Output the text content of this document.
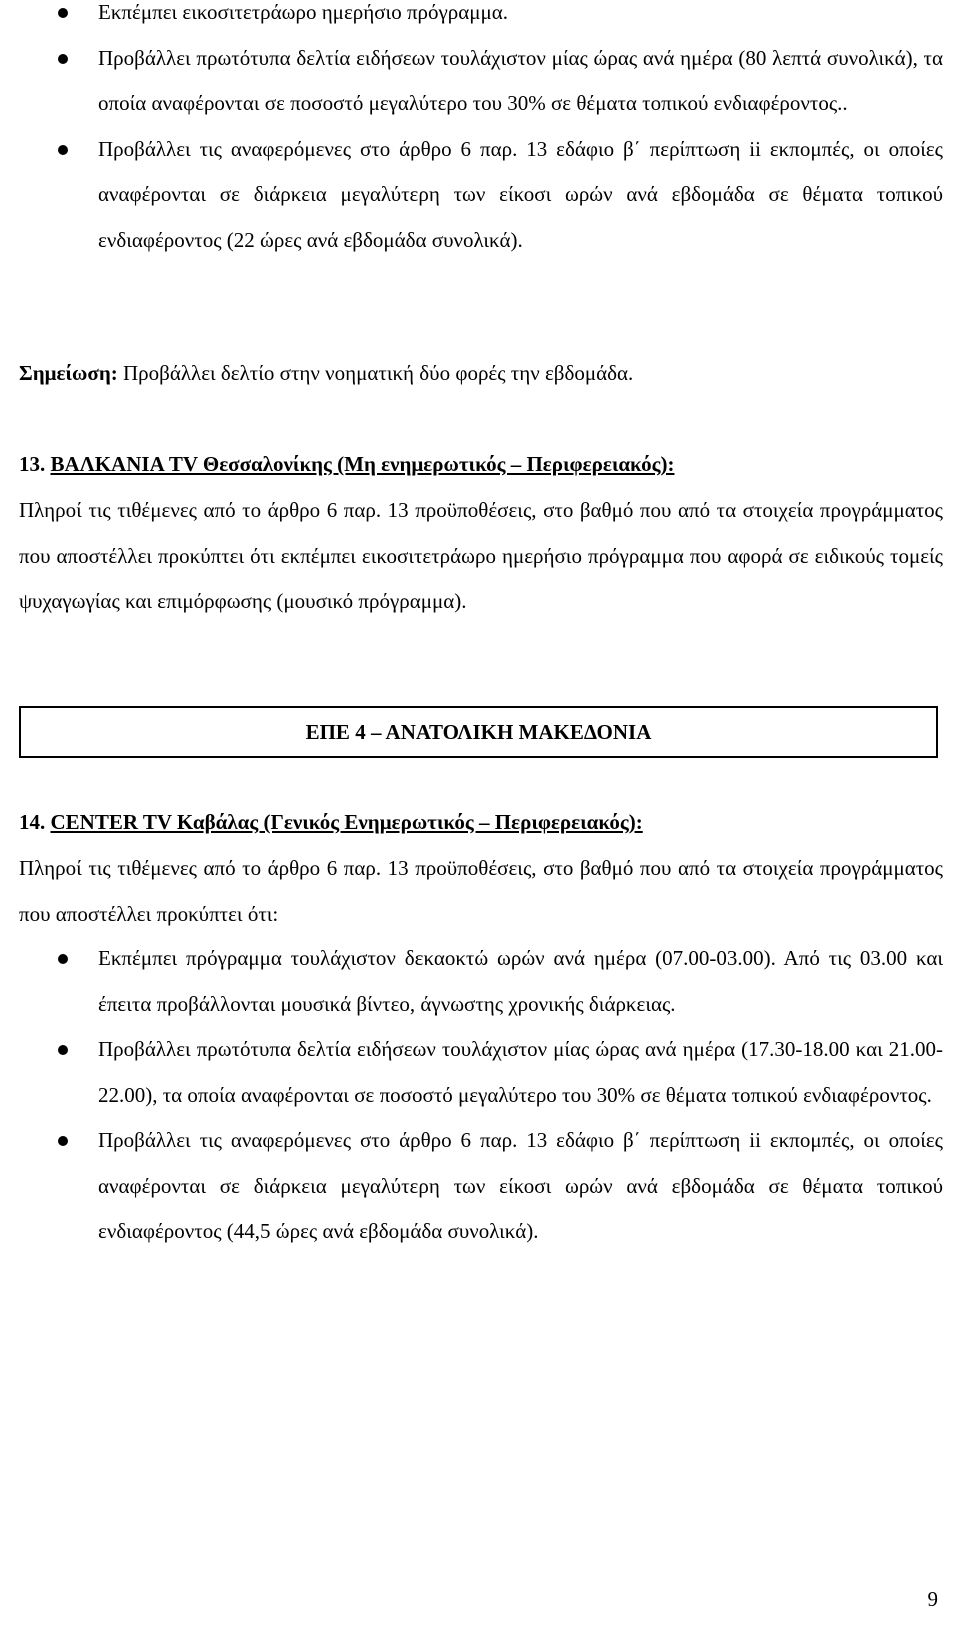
Εκπέμπει εικοσιτετράωρο ημερήσιο πρόγραμμα.
Προβάλλει πρωτότυπα δελτία ειδήσεων τουλάχιστον μίας ώρας ανά ημέρα (80 λεπτά συνολικά), τα οποία αναφέρονται σε ποσοστό μεγαλύτερο του 30% σε θέματα τοπικού ενδιαφέροντος..
Προβάλλει τις αναφερόμενες στο άρθρο 6 παρ. 13 εδάφιο β΄ περίπτωση ii εκπομπές, οι οποίες αναφέρονται σε διάρκεια μεγαλύτερη των είκοσι ωρών ανά εβδομάδα σε θέματα τοπικού ενδιαφέροντος (22 ώρες ανά εβδομάδα συνολικά).

Σημείωση: Προβάλλει δελτίο στην νοηματική δύο φορές την εβδομάδα.

13. ΒΑΛΚΑΝΙΑ TV Θεσσαλονίκης (Μη ενημερωτικός – Περιφερειακός):

Πληροί τις τιθέμενες από το άρθρο 6 παρ. 13 προϋποθέσεις, στο βαθμό που από τα στοιχεία προγράμματος που αποστέλλει προκύπτει ότι εκπέμπει εικοσιτετράωρο ημερήσιο πρόγραμμα που αφορά σε ειδικούς τομείς ψυχαγωγίας και επιμόρφωσης (μουσικό πρόγραμμα).

ΕΠΕ 4 – ΑΝΑΤΟΛΙΚΗ ΜΑΚΕΔΟΝΙΑ

14. CENTER TV Καβάλας (Γενικός Ενημερωτικός – Περιφερειακός):

Πληροί τις τιθέμενες από το άρθρο 6 παρ. 13 προϋποθέσεις, στο βαθμό που από τα στοιχεία προγράμματος που αποστέλλει προκύπτει ότι:

Εκπέμπει πρόγραμμα τουλάχιστον δεκαοκτώ ωρών ανά ημέρα (07.00-03.00). Από τις 03.00 και έπειτα προβάλλονται μουσικά βίντεο, άγνωστης χρονικής διάρκειας.
Προβάλλει πρωτότυπα δελτία ειδήσεων τουλάχιστον μίας ώρας ανά ημέρα (17.30-18.00 και 21.00-22.00), τα οποία αναφέρονται σε ποσοστό μεγαλύτερο του 30% σε θέματα τοπικού ενδιαφέροντος.
Προβάλλει τις αναφερόμενες στο άρθρο 6 παρ. 13 εδάφιο β΄ περίπτωση ii εκπομπές, οι οποίες αναφέρονται σε διάρκεια μεγαλύτερη των είκοσι ωρών ανά εβδομάδα σε θέματα τοπικού ενδιαφέροντος (44,5 ώρες ανά εβδομάδα συνολικά).
9
